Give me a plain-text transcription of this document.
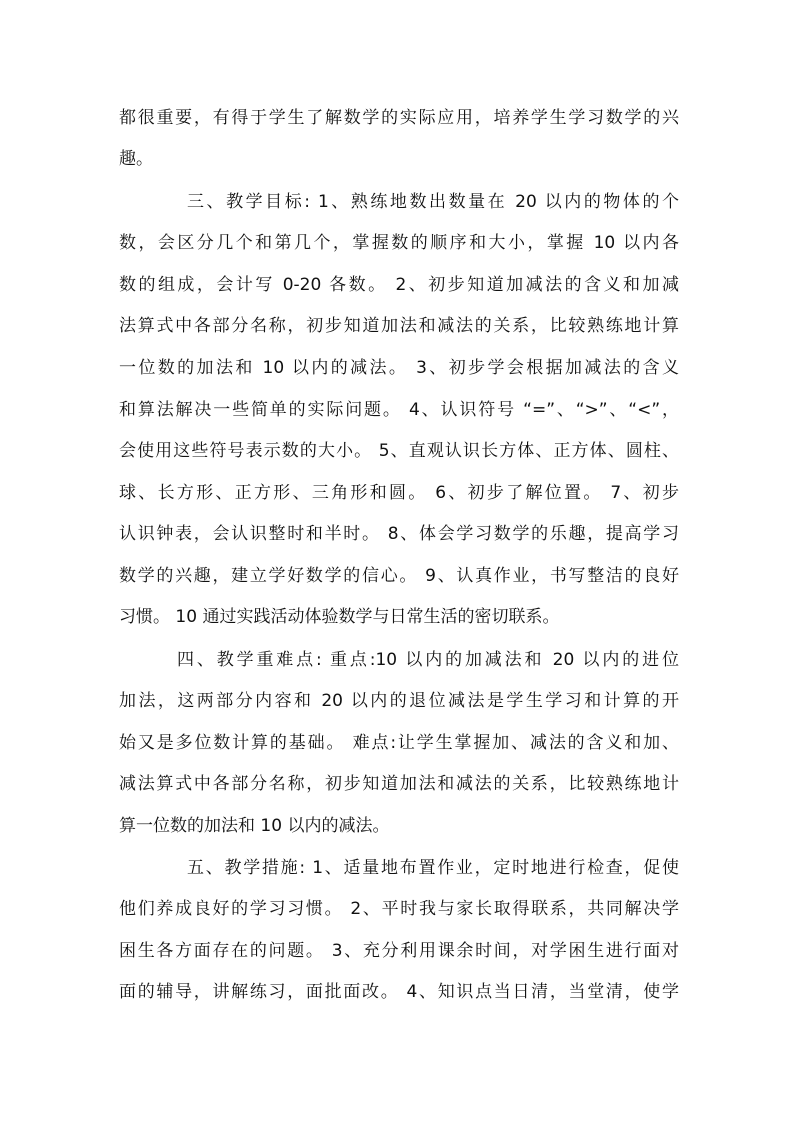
都很重要，有得于学生了解数学的实际应用，培养学生学习数学的兴
趣。
三、教学目标: 1、熟练地数出数量在 20 以内的物体的个
数，会区分几个和第几个，掌握数的顺序和大小，掌握 10 以内各
数的组成，会计写 0-20 各数。 2、初步知道加减法的含义和加减
法算式中各部分名称，初步知道加法和减法的关系，比较熟练地计算
一位数的加法和 10 以内的减法。 3、初步学会根据加减法的含义
和算法解决一些简单的实际问题。 4、认识符号 “=”、“>”、“<”，
会使用这些符号表示数的大小。 5、直观认识长方体、正方体、圆柱、
球、长方形、正方形、三角形和圆。 6、初步了解位置。 7、初步
认识钟表，会认识整时和半时。 8、体会学习数学的乐趣，提高学习
数学的兴趣，建立学好数学的信心。 9、认真作业，书写整洁的良好
习惯。 10 通过实践活动体验数学与日常生活的密切联系。
四、教学重难点: 重点:10 以内的加减法和 20 以内的进位
加法，这两部分内容和 20 以内的退位减法是学生学习和计算的开
始又是多位数计算的基础。 难点:让学生掌握加、减法的含义和加、
减法算式中各部分名称，初步知道加法和减法的关系，比较熟练地计
算一位数的加法和 10 以内的减法。
五、教学措施: 1、适量地布置作业，定时地进行检查，促使
他们养成良好的学习习惯。 2、平时我与家长取得联系，共同解决学
困生各方面存在的问题。 3、充分利用课余时间，对学困生进行面对
面的辅导，讲解练习，面批面改。 4、知识点当日清，当堂清，使学
